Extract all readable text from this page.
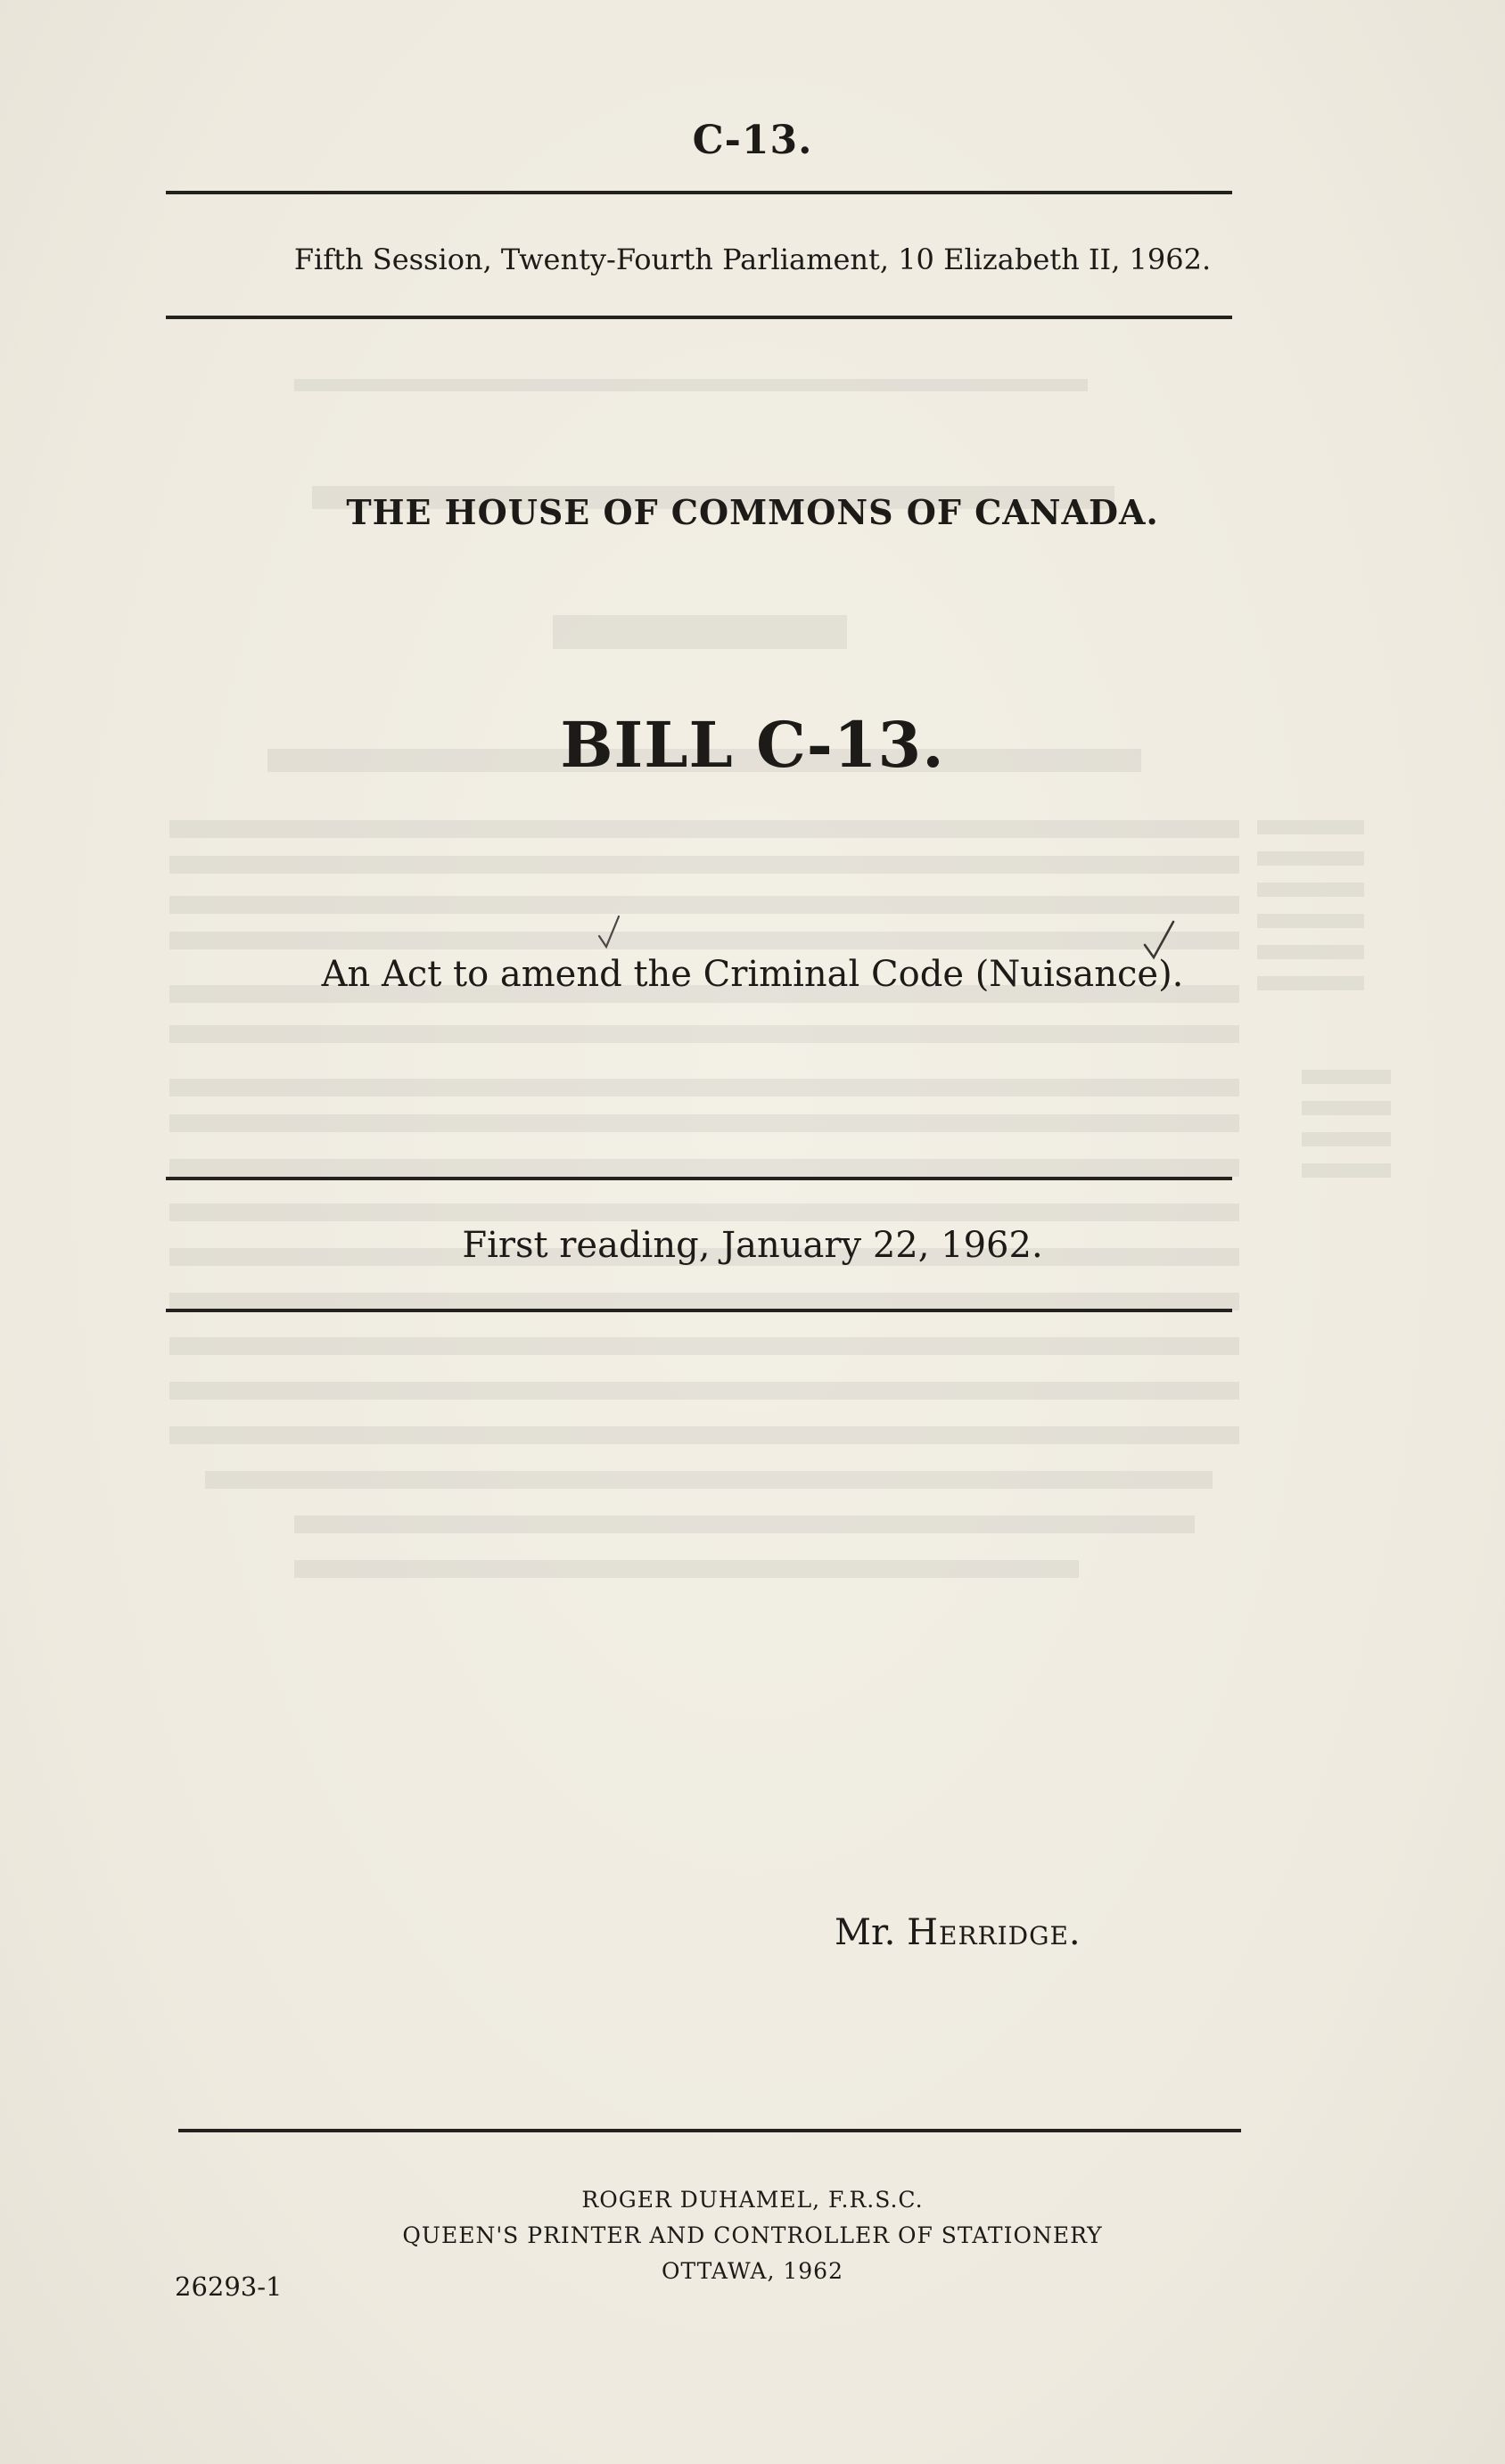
C-13.
Fifth Session, Twenty-Fourth Parliament, 10 Elizabeth II, 1962.
THE HOUSE OF COMMONS OF CANADA.
BILL C-13.
An Act to amend the Criminal Code (Nuisance).
First reading, January 22, 1962.
Mr. Herridge.
ROGER DUHAMEL, F.R.S.C.
QUEEN'S PRINTER AND CONTROLLER OF STATIONERY
OTTAWA, 1962
26293-1
